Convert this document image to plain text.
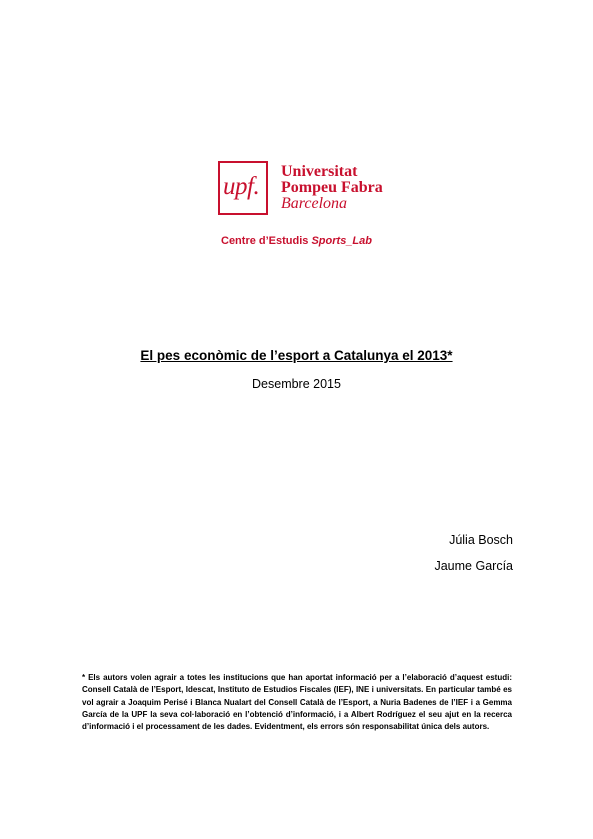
upf.
Universitat
Pompeu Fabra
Barcelona
Centre d’Estudis Sports_Lab
El pes econòmic de l’esport a Catalunya el 2013*
Desembre 2015
Júlia Bosch
Jaume García
* Els autors volen agrair a totes les institucions que han aportat informació per a l’elaboració d’aquest estudi: Consell Català de l’Esport, Idescat, Instituto de Estudios Fiscales (IEF), INE i universitats. En particular també es vol agrair a Joaquim Perisé i Blanca Nualart del Consell Català de l’Esport, a Nuria Badenes de l’IEF i a Gemma García de la UPF la seva col·laboració en l’obtenció d’informació, i a Albert Rodríguez el seu ajut en la recerca d’informació i el processament de les dades. Evidentment, els errors són responsabilitat única dels autors.
